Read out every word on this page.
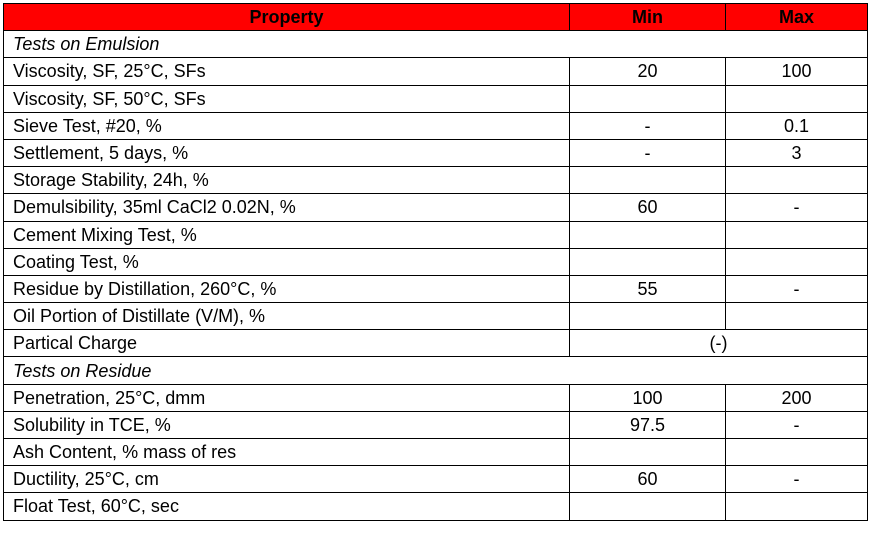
Property	Min	Max
Tests on Emulsion		
Viscosity, SF, 25°C, SFs	20	100
Viscosity, SF, 50°C, SFs		
Sieve Test, #20, %	-	0.1
Settlement, 5 days, %	-	3
Storage Stability, 24h, %		
Demulsibility, 35ml CaCl2 0.02N, %	60	-
Cement Mixing Test, %		
Coating Test, %		
Residue by Distillation, 260°C, %	55	-
Oil Portion of Distillate (V/M), %		
Partical Charge	(-)	
Tests on Residue		
Penetration, 25°C, dmm	100	200
Solubility in TCE, %	97.5	-
Ash Content, % mass of res		
Ductility, 25°C, cm	60	-
Float Test, 60°C, sec		
